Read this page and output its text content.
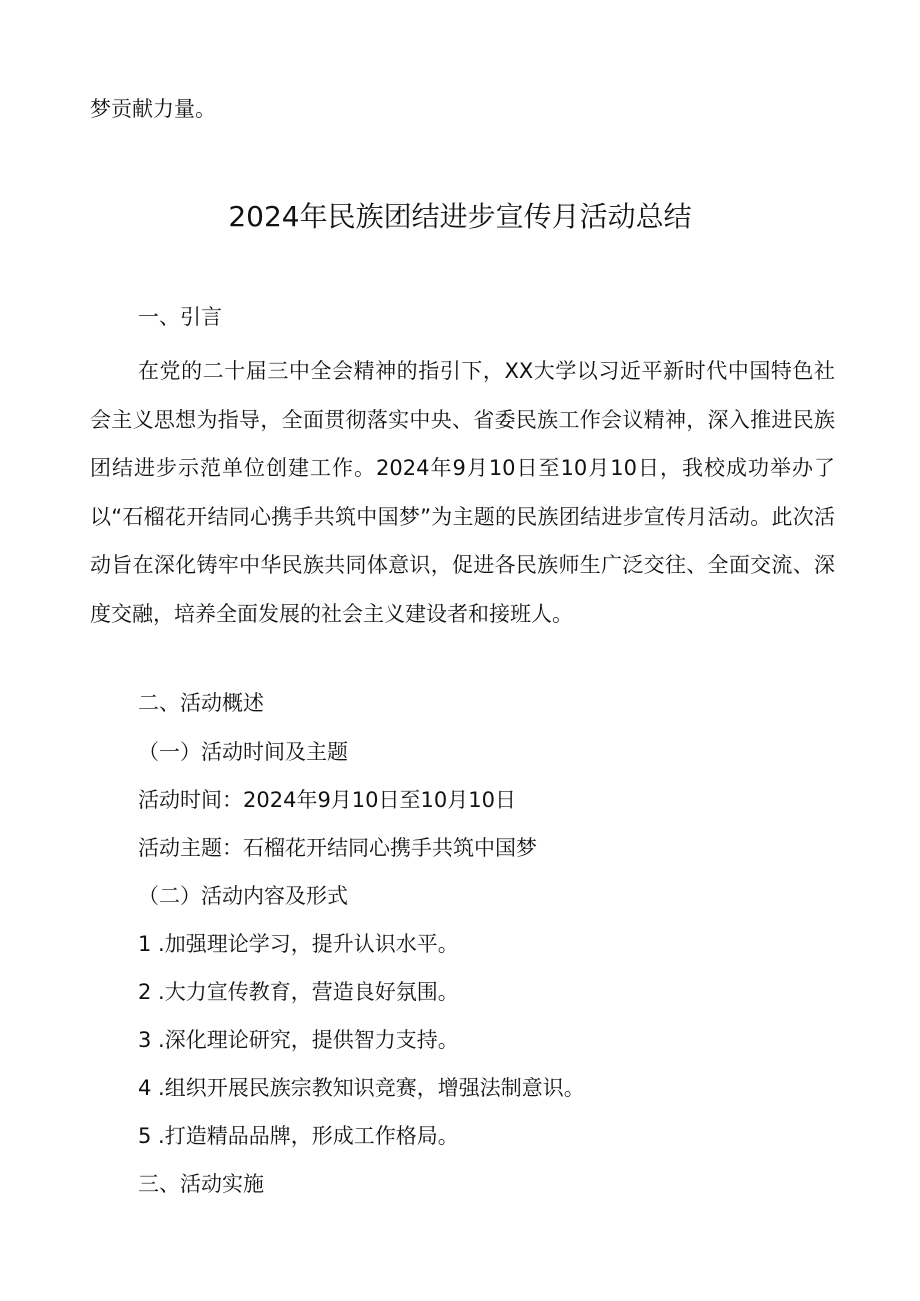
梦贡献力量。

2024年民族团结进步宣传月活动总结

一、引言

在党的二十届三中全会精神的指引下，XX大学以习近平新时代中国特色社会主义思想为指导，全面贯彻落实中央、省委民族工作会议精神，深入推进民族团结进步示范单位创建工作。2024年9月10日至10月10日，我校成功举办了以“石榴花开结同心携手共筑中国梦”为主题的民族团结进步宣传月活动。此次活动旨在深化铸牢中华民族共同体意识，促进各民族师生广泛交往、全面交流、深度交融，培养全面发展的社会主义建设者和接班人。

二、活动概述

（一）活动时间及主题

活动时间：2024年9月10日至10月10日

活动主题：石榴花开结同心携手共筑中国梦

（二）活动内容及形式

1 .加强理论学习，提升认识水平。

2 .大力宣传教育，营造良好氛围。

3 .深化理论研究，提供智力支持。

4 .组织开展民族宗教知识竞赛，增强法制意识。

5 .打造精品品牌，形成工作格局。

三、活动实施
